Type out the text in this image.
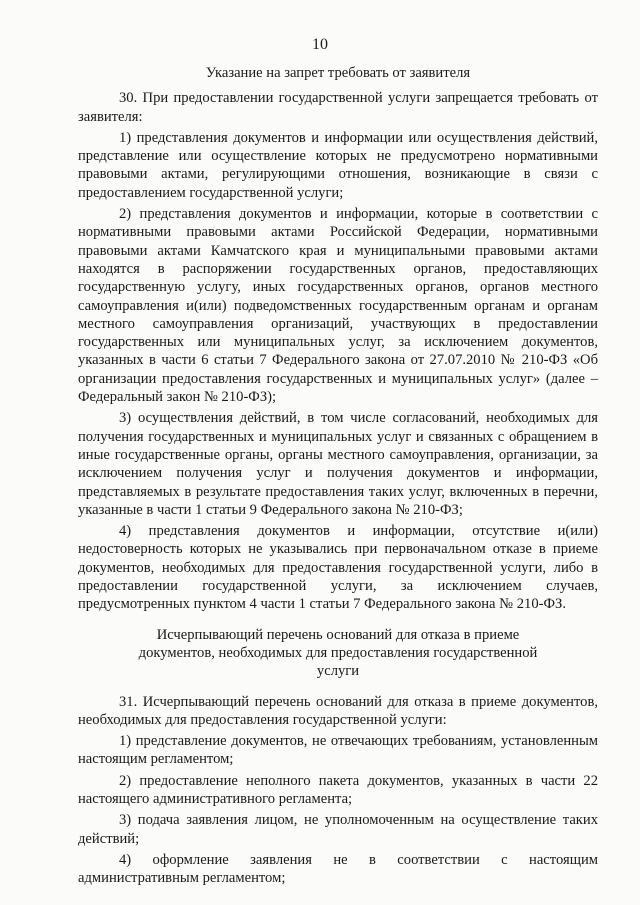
10

Указание на запрет требовать от заявителя

30. При предоставлении государственной услуги запрещается требовать от заявителя:

1) представления документов и информации или осуществления действий, представление или осуществление которых не предусмотрено нормативными правовыми актами, регулирующими отношения, возникающие в связи с предоставлением государственной услуги;

2) представления документов и информации, которые в соответствии с нормативными правовыми актами Российской Федерации, нормативными правовыми актами Камчатского края и муниципальными правовыми актами находятся в распоряжении государственных органов, предоставляющих государственную услугу, иных государственных органов, органов местного самоуправления и(или) подведомственных государственным органам и органам местного самоуправления организаций, участвующих в предоставлении государственных или муниципальных услуг, за исключением документов, указанных в части 6 статьи 7 Федерального закона от 27.07.2010 № 210-ФЗ «Об организации предоставления государственных и муниципальных услуг» (далее – Федеральный закон № 210-ФЗ);

3) осуществления действий, в том числе согласований, необходимых для получения государственных и муниципальных услуг и связанных с обращением в иные государственные органы, органы местного самоуправления, организации, за исключением получения услуг и получения документов и информации, представляемых в результате предоставления таких услуг, включенных в перечни, указанные в части 1 статьи 9 Федерального закона № 210-ФЗ;

4) представления документов и информации, отсутствие и(или) недостоверность которых не указывались при первоначальном отказе в приеме документов, необходимых для предоставления государственной услуги, либо в предоставлении государственной услуги, за исключением случаев, предусмотренных пунктом 4 части 1 статьи 7 Федерального закона № 210-ФЗ.

Исчерпывающий перечень оснований для отказа в приеме
документов, необходимых для предоставления государственной
услуги

31. Исчерпывающий перечень оснований для отказа в приеме документов, необходимых для предоставления государственной услуги:

1) представление документов, не отвечающих требованиям, установленным настоящим регламентом;

2) предоставление неполного пакета документов, указанных в части 22 настоящего административного регламента;

3) подача заявления лицом, не уполномоченным на осуществление таких действий;

4) оформление заявления не в соответствии с настоящим административным регламентом;
